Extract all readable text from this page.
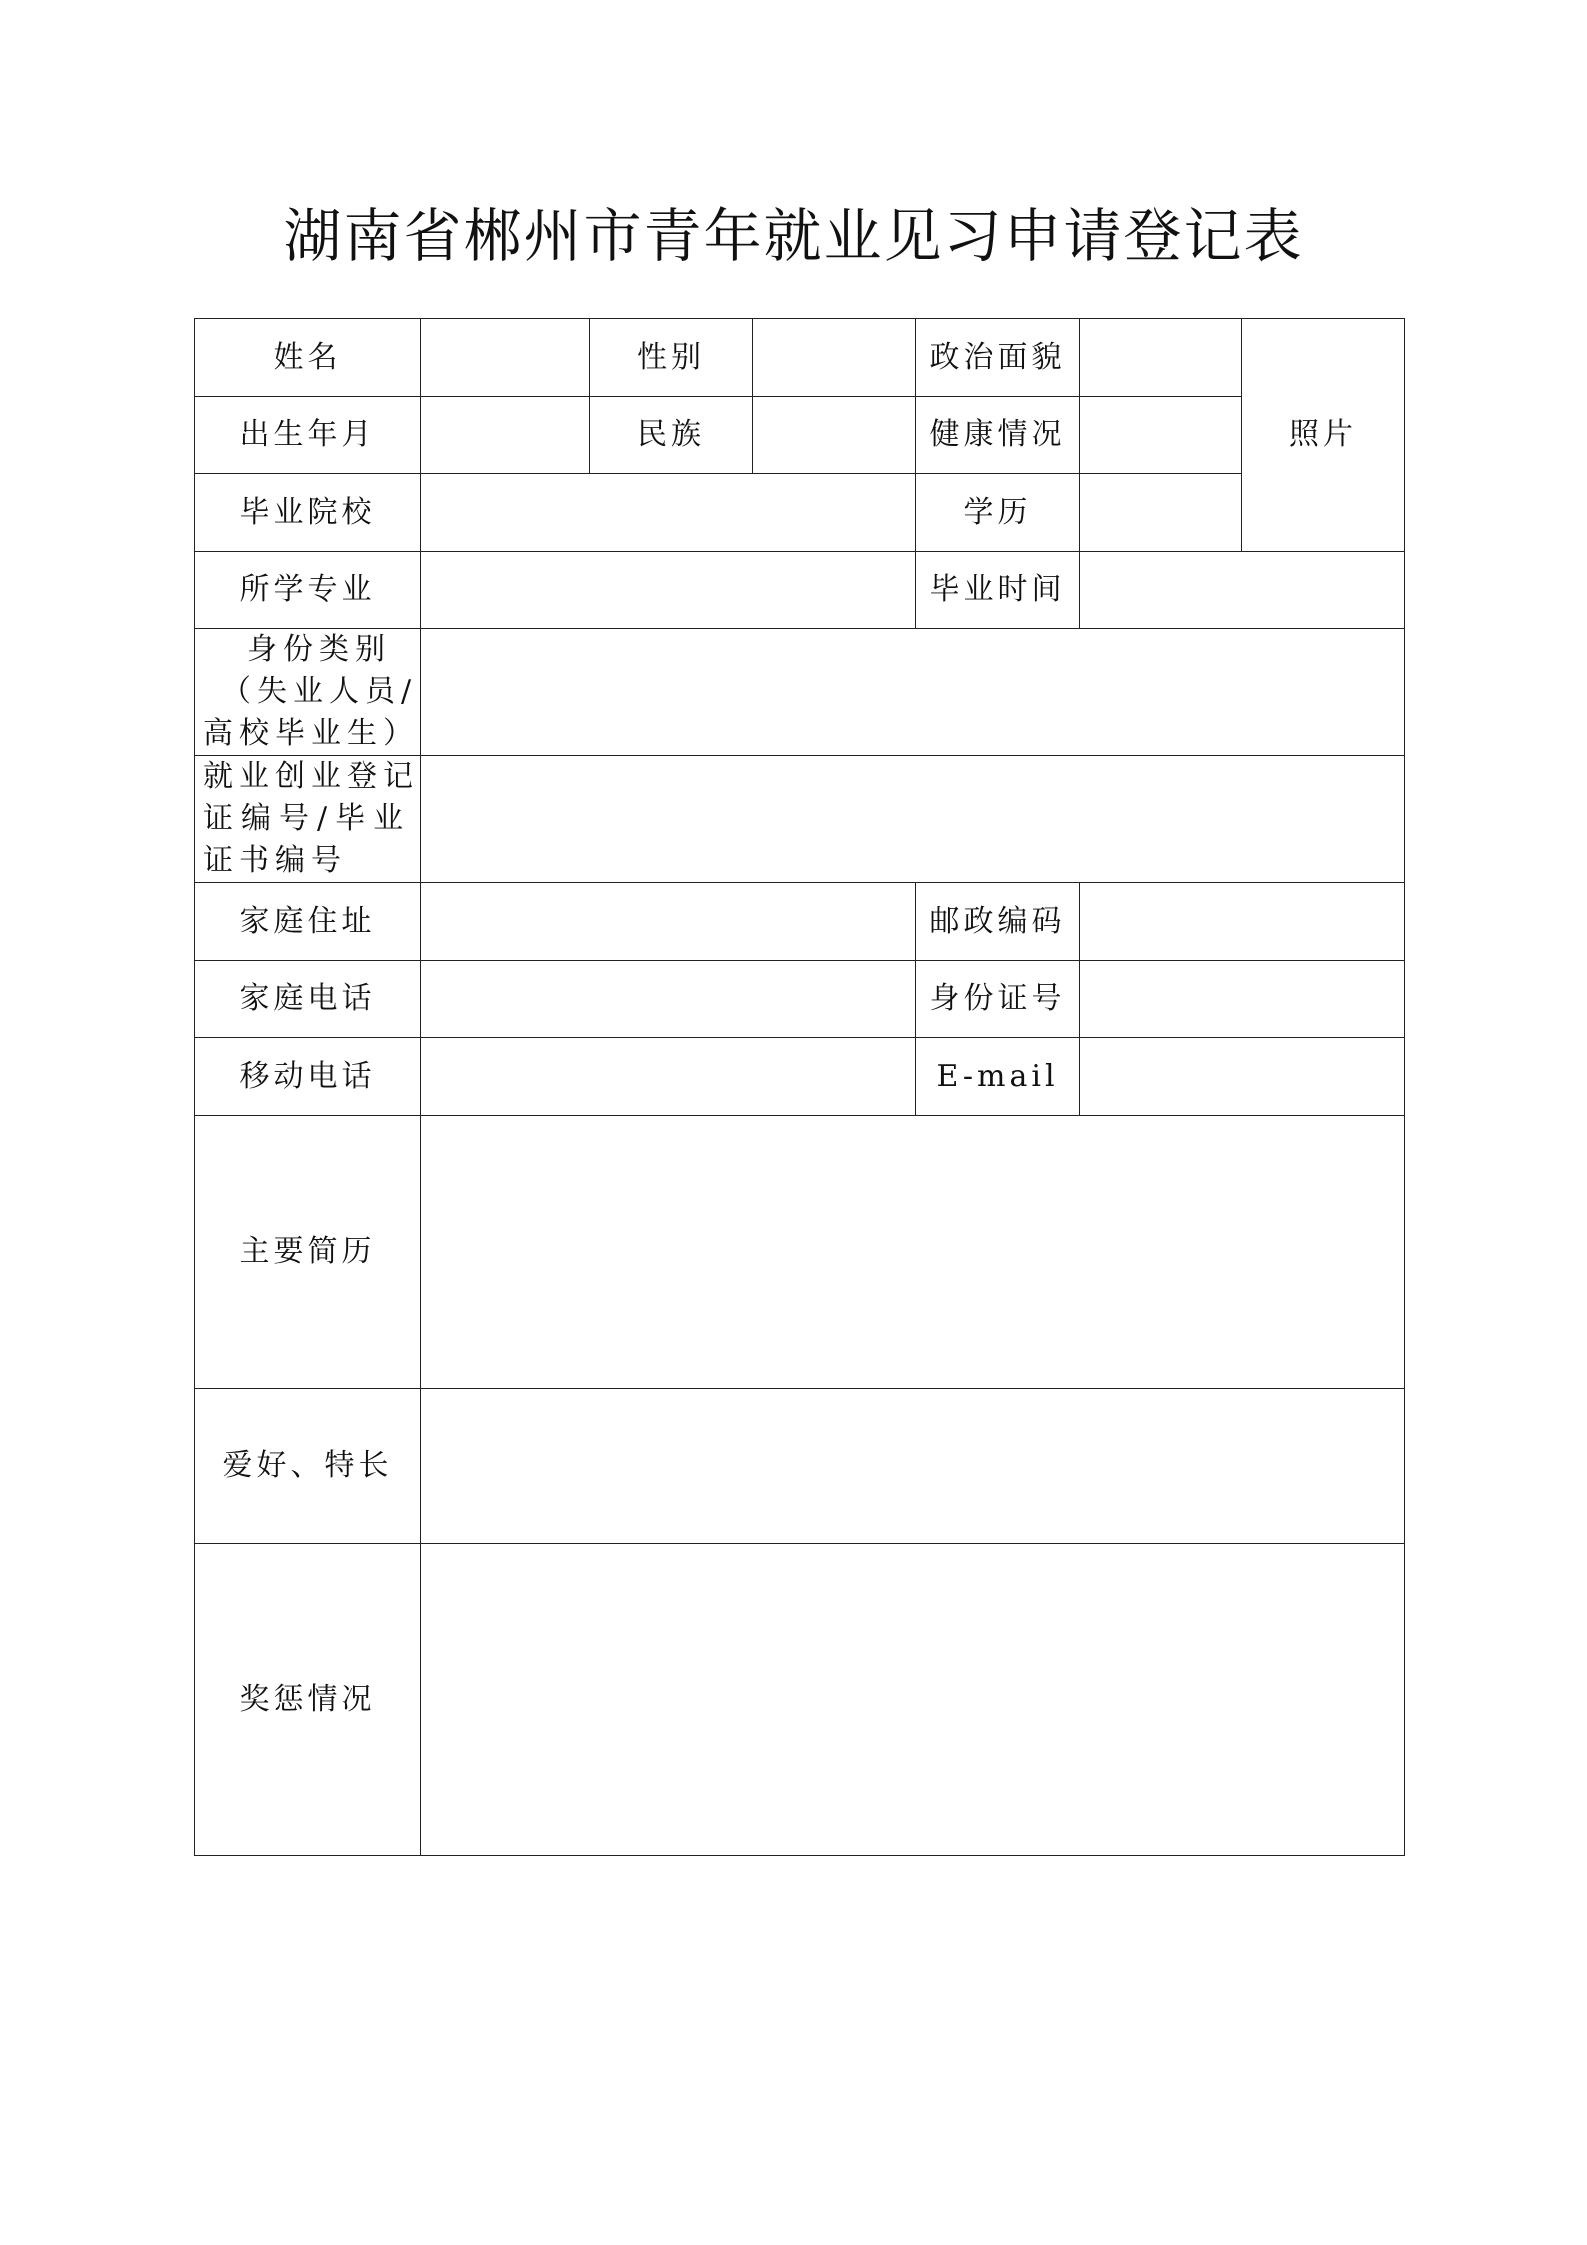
湖南省郴州市青年就业见习申请登记表
姓名		性别		政治面貌		照片
出生年月		民族		健康情况		
毕业院校				学历		
所学专业				毕业时间		

身份类别
（失业人员/
高校毕业生）						

就业创业登记
证编号/毕业
证书编号						

家庭住址				邮政编码		
家庭电话				身份证号		
移动电话				E-mail		
主要简历						
爱好、特长						
奖惩情况						
